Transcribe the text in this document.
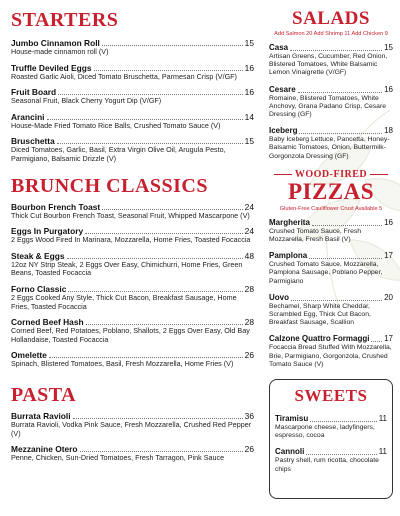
STARTERS
Jumbo Cinnamon Roll	15
House-made cinnamon roll (V)
Truffle Deviled Eggs	16
Roasted Garlic Aioli, Diced Tomato Bruschetta, Parmesan Crisp (V/GF)
Fruit Board	16
Seasonal Fruit, Black Cherry Yogurt Dip (V/GF)
Arancini	14
House-Made Fried Tomato Rice Balls, Crushed Tomato Sauce (V)
Bruschetta	15
Diced Tomatoes, Garlic, Basil, Extra Virgin Olive Oil, Arugula Pesto, Parmigiano, Balsamic Drizzle (V)
BRUNCH CLASSICS
Bourbon French Toast	24
Thick Cut Bourbon French Toast, Seasonal Fruit, Whipped Mascarpone (V)
Eggs In Purgatory	24
2 Eggs Wood Fired In Marinara, Mozzarella, Home Fries, Toasted Focaccia
Steak & Eggs	48
12oz NY Strip Steak, 2 Eggs Over Easy, Chimichurri, Home Fries, Green Beans, Toasted Focaccia
Forno Classic	28
2 Eggs Cooked Any Style, Thick Cut Bacon, Breakfast Sausage, Home Fries, Toasted Focaccia
Corned Beef Hash	28
Corned Beef, Red Potatoes, Poblano, Shallots, 2 Eggs Over Easy, Old Bay Hollandaise, Toasted Focaccia
Omelette	26
Spinach, Blistered Tomatoes, Basil, Fresh Mozzarella, Home Fries (V)
PASTA
Burrata Ravioli	36
Burrata Ravioli, Vodka Pink Sauce, Fresh Mozzarella, Crushed Red Pepper (V)
Mezzanine Otero	26
Penne, Chicken, Sun-Dried Tomatoes, Fresh Tarragon, Pink Sauce
SALADS
Add Salmon 20 Add Shrimp 11 Add Chicken 9
Casa	15
Artisan Greens, Cucumber, Red Onion, Blistered Tomatoes, White Balsamic Lemon Vinaigrette (V/GF)
Cesare	16
Romaine, Blistered Tomatoes, White Anchovy, Grana Padano Crisp, Cesare Dressing (GF)
Iceberg	18
Baby Iceberg Lettuce, Pancetta, Honey-Balsamic Tomatoes, Onion, Buttermilk-Gorgonzola Dressing (GF)
WOOD-FIRED
PIZZAS
Gluten-Free Cauliflower Crust Available 5
Margherita	16
Crushed Tomato Sauce, Fresh Mozzarella, Fresh Basil (V)
Pamplona	17
Crushed Tomato Sauce, Mozzarella, Pamplona Sausage, Poblano Pepper, Parmigiano
Uovo	20
Bechamel, Sharp White Cheddar, Scrambled Egg, Thick Cut Bacon, Breakfast Sausage, Scallion
Calzone Quattro Formaggi 17
Focaccia Bread Stuffed With Mozzarella, Brie, Parmigiano, Gorgonzola, Crushed Tomato Sauce (V)
SWEETS
Tiramisu	11
Mascarpone cheese, ladyfingers, espresso, cocoa
Cannoli	11
Pastry shell, rum ricotta, chocolate chips
